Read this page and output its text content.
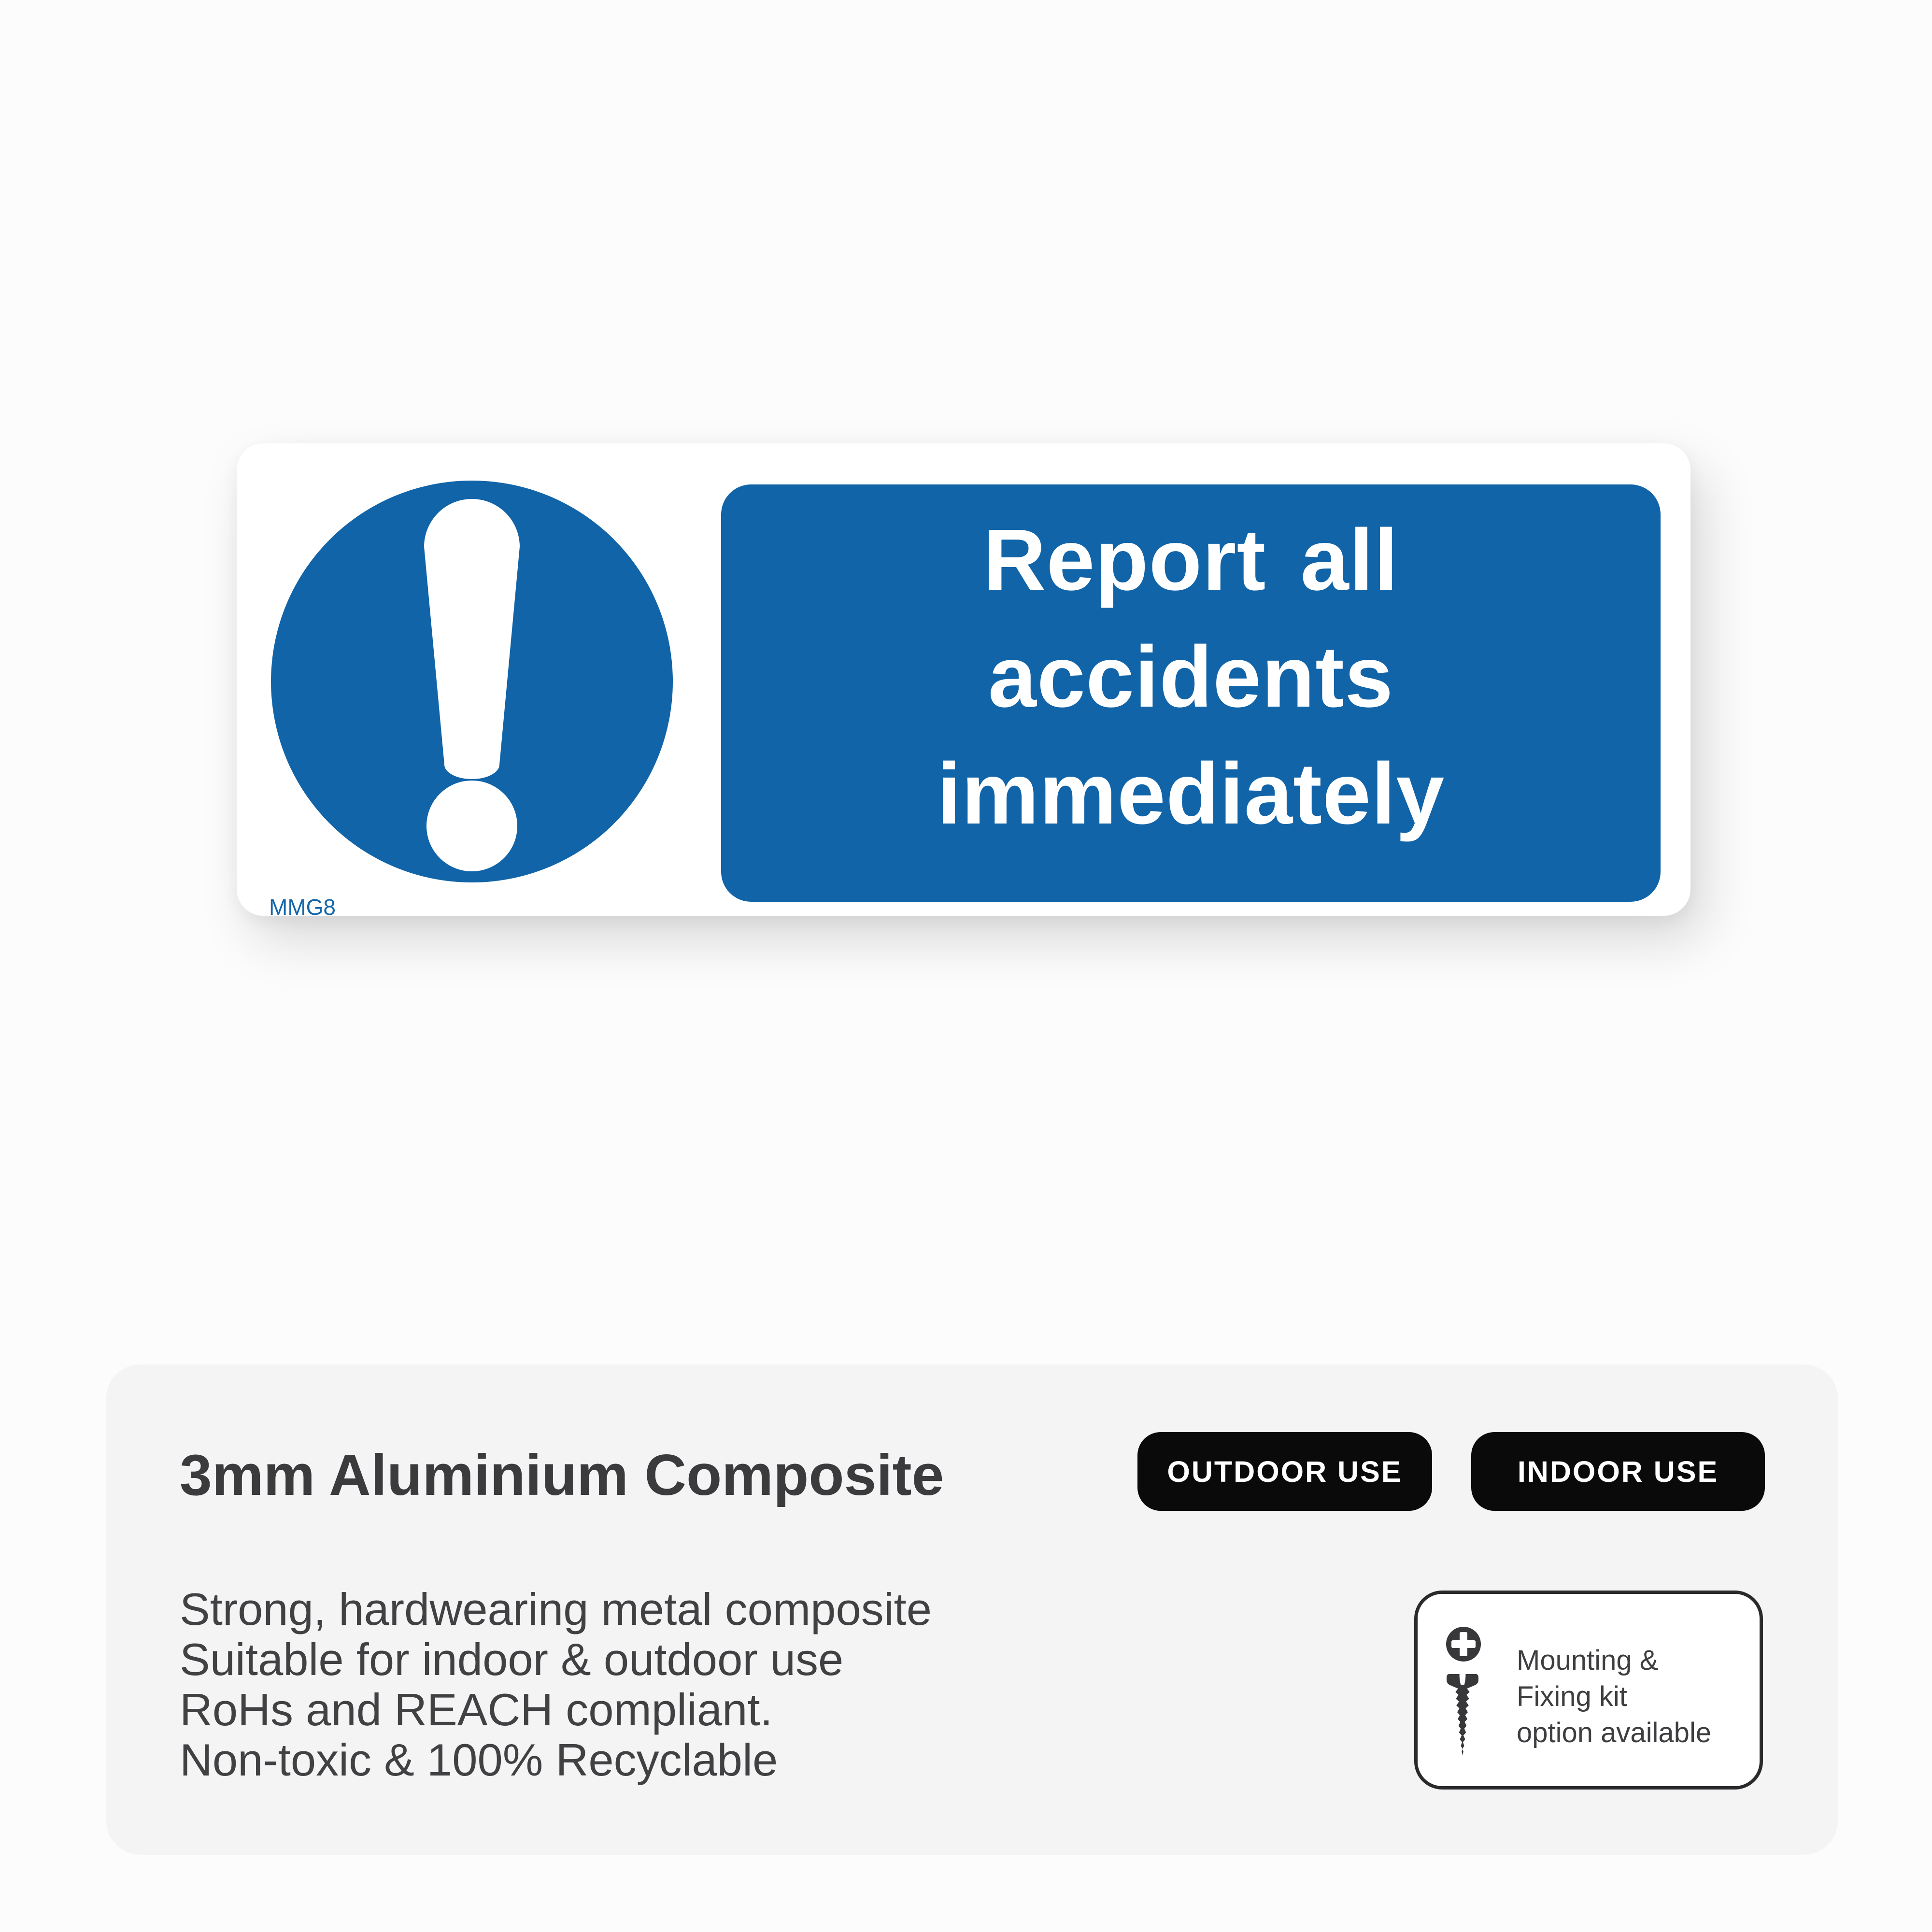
Report all
accidents
immediately
MMG8
3mm Aluminium Composite
Strong, hardwearing metal composite
Suitable for indoor & outdoor use
RoHs and REACH compliant.
Non-toxic & 100% Recyclable
OUTDOOR USE	INDOOR USE
Mounting &
Fixing kit
option available
